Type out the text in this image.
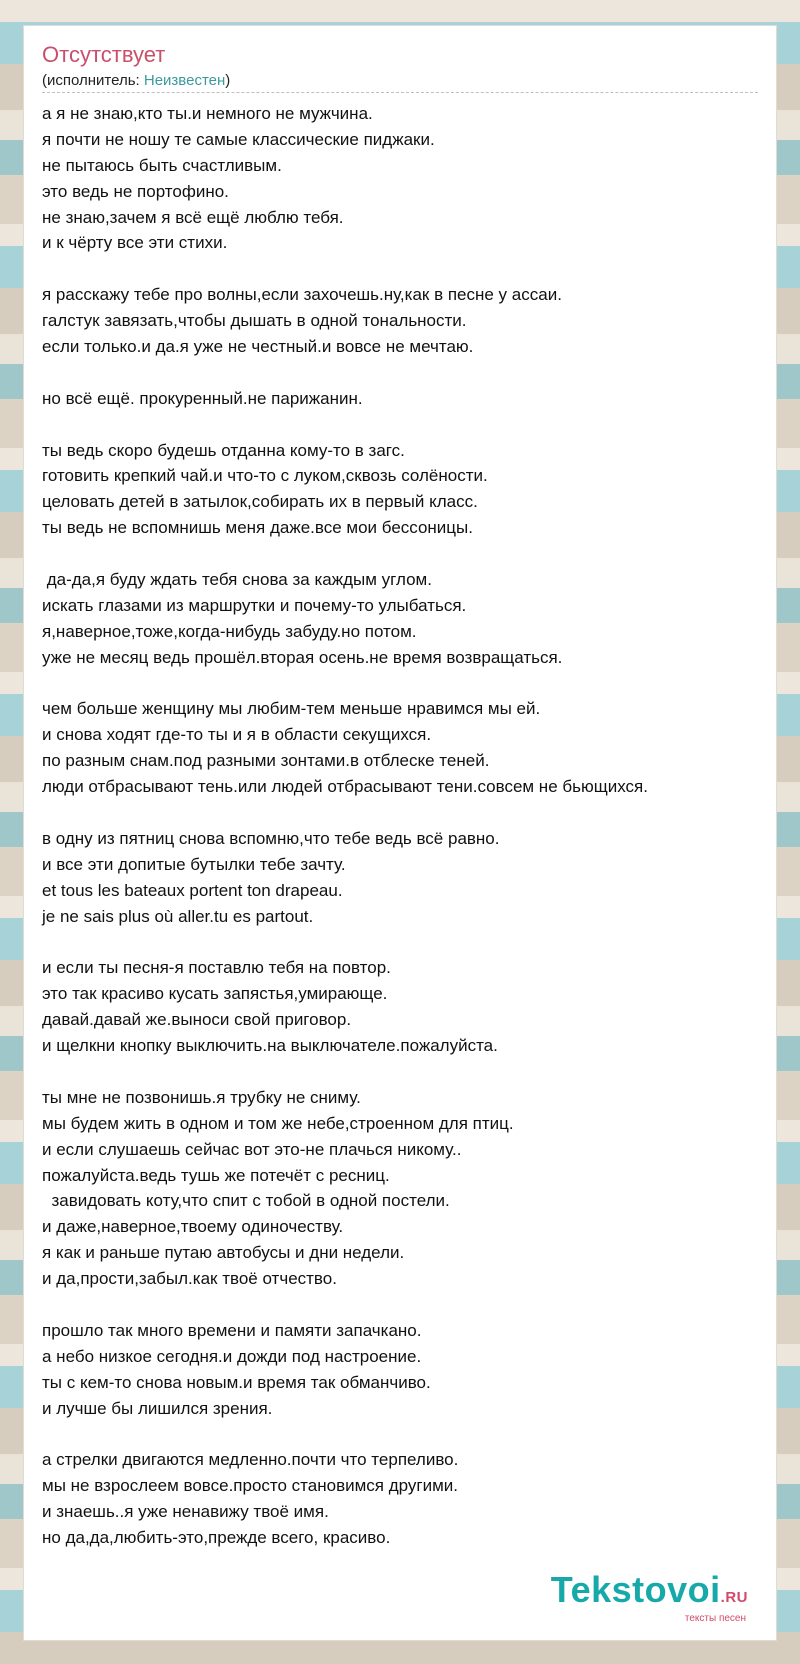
Отсутствует
(исполнитель: Неизвестен)
а я не знаю,кто ты.и немного не мужчина.
я почти не ношу те самые классические пиджаки.
не пытаюсь быть счастливым.
это ведь не портофино.
не знаю,зачем я всё ещё люблю тебя.
и к чёрту все эти стихи.
я расскажу тебе про волны,если захочешь.ну,как в песне у ассаи.
галстук завязать,чтобы дышать в одной тональности.
если только.и да.я уже не честный.и вовсе не мечтаю.
но всё ещё. прокуренный.не парижанин.
ты ведь скоро будешь отданна кому-то в загс.
готовить крепкий чай.и что-то с луком,сквозь солёности.
целовать детей в затылок,собирать их в первый класс.
ты ведь не вспомнишь меня даже.все мои бессоницы.
да-да,я буду ждать тебя снова за каждым углом.
искать глазами из маршрутки и почему-то улыбаться.
я,наверное,тоже,когда-нибудь забуду.но потом.
уже не месяц ведь прошёл.вторая осень.не время возвращаться.
чем больше женщину мы любим-тем меньше нравимся мы ей.
и снова ходят где-то ты и я в области секущихся.
по разным снам.под разными зонтами.в отблеске теней.
люди отбрасывают тень.или людей отбрасывают тени.совсем не бьющихся.
в одну из пятниц снова вспомню,что тебе ведь всё равно.
и все эти допитые бутылки тебе зачту.
et tous les bateaux portent ton drapeau.
je ne sais plus où aller.tu es partout.
и если ты песня-я поставлю тебя на повтор.
это так красиво кусать запястья,умирающе.
давай.давай же.выноси свой приговор.
и щелкни кнопку выключить.на выключателе.пожалуйста.
ты мне не позвонишь.я трубку не сниму.
мы будем жить в одном и том же небе,строенном для птиц.
и если слушаешь сейчас вот это-не плачься никому..
пожалуйста.ведь тушь же потечёт с ресниц.
завидовать коту,что спит с тобой в одной постели.
и даже,наверное,твоему одиночеству.
я как и раньше путаю автобусы и дни недели.
и да,прости,забыл.как твоё отчество.
прошло так много времени и памяти запачкано.
а небо низкое сегодня.и дожди под настроение.
ты с кем-то снова новым.и время так обманчиво.
и лучше бы лишился зрения.
а стрелки двигаются медленно.почти что терпеливо.
мы не взрослеем вовсе.просто становимся другими.
и знаешь..я уже ненавижу твоё имя.
но да,да,любить-это,прежде всего, красиво.
Tekstovoi.RU
тексты песен
